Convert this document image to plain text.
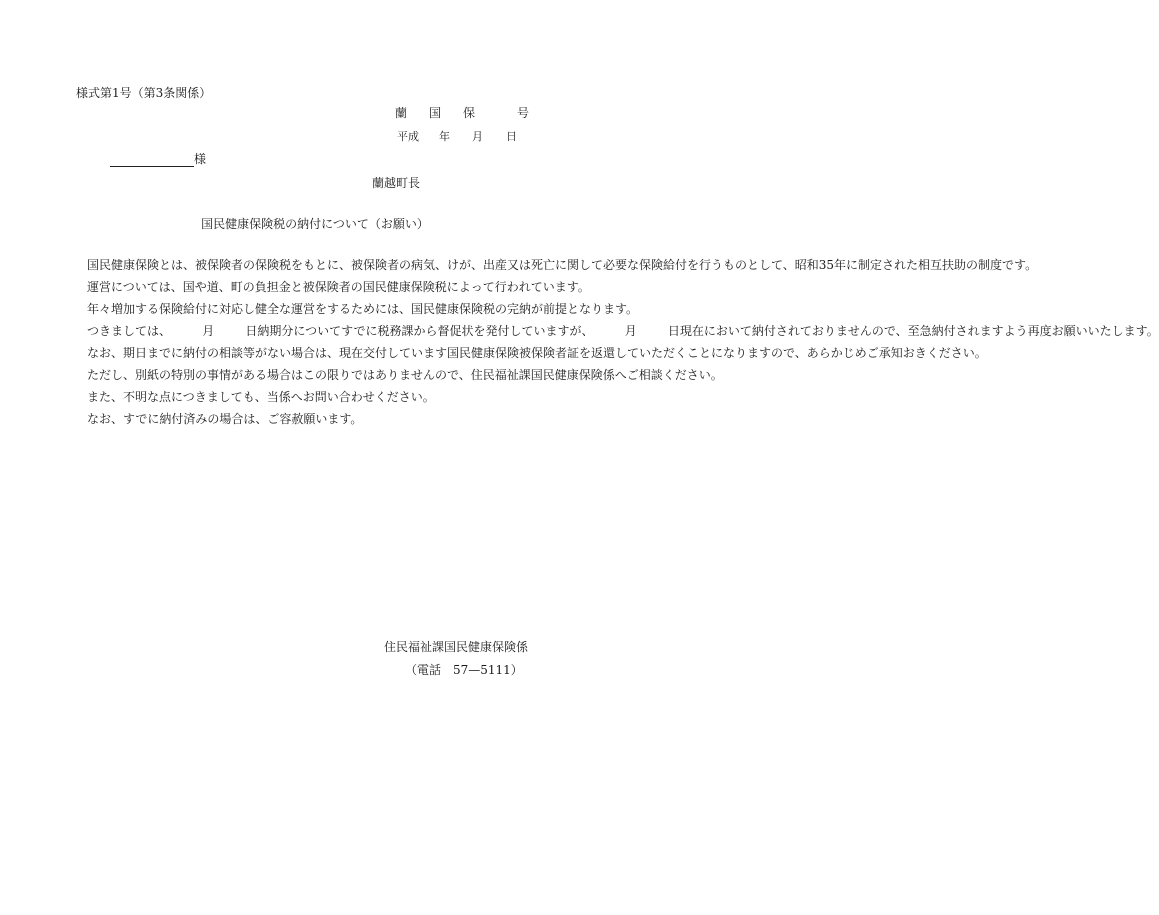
様式第1号（第3条関係）
蘭 国 保	号
平成 年 月 日
様
蘭越町長
国民健康保険税の納付について（お願い）

国民健康保険とは、被保険者の保険税をもとに、被保険者の病気、けが、出産又は死亡に関して必要な保険給付を行うものとして、昭和35年に制定された相互扶助の制度です。

運営については、国や道、町の負担金と被保険者の国民健康保険税によって行われています。

年々増加する保険給付に対応し健全な運営をするためには、国民健康保険税の完納が前提となります。

つきましては、	月	日納期分についてすでに税務課から督促状を発付していますが、	月	日現在において納付されておりませんので、至急納付されますよう再度お願いいたします。

なお、期日までに納付の相談等がない場合は、現在交付しています国民健康保険被保険者証を返還していただくことになりますので、あらかじめご承知おきください。

ただし、別紙の特別の事情がある場合はこの限りではありませんので、住民福祉課国民健康保険係へご相談ください。

また、不明な点につきましても、当係へお問い合わせください。

なお、すでに納付済みの場合は、ご容赦願います。

住民福祉課国民健康保険係
（電話　57—5111）
